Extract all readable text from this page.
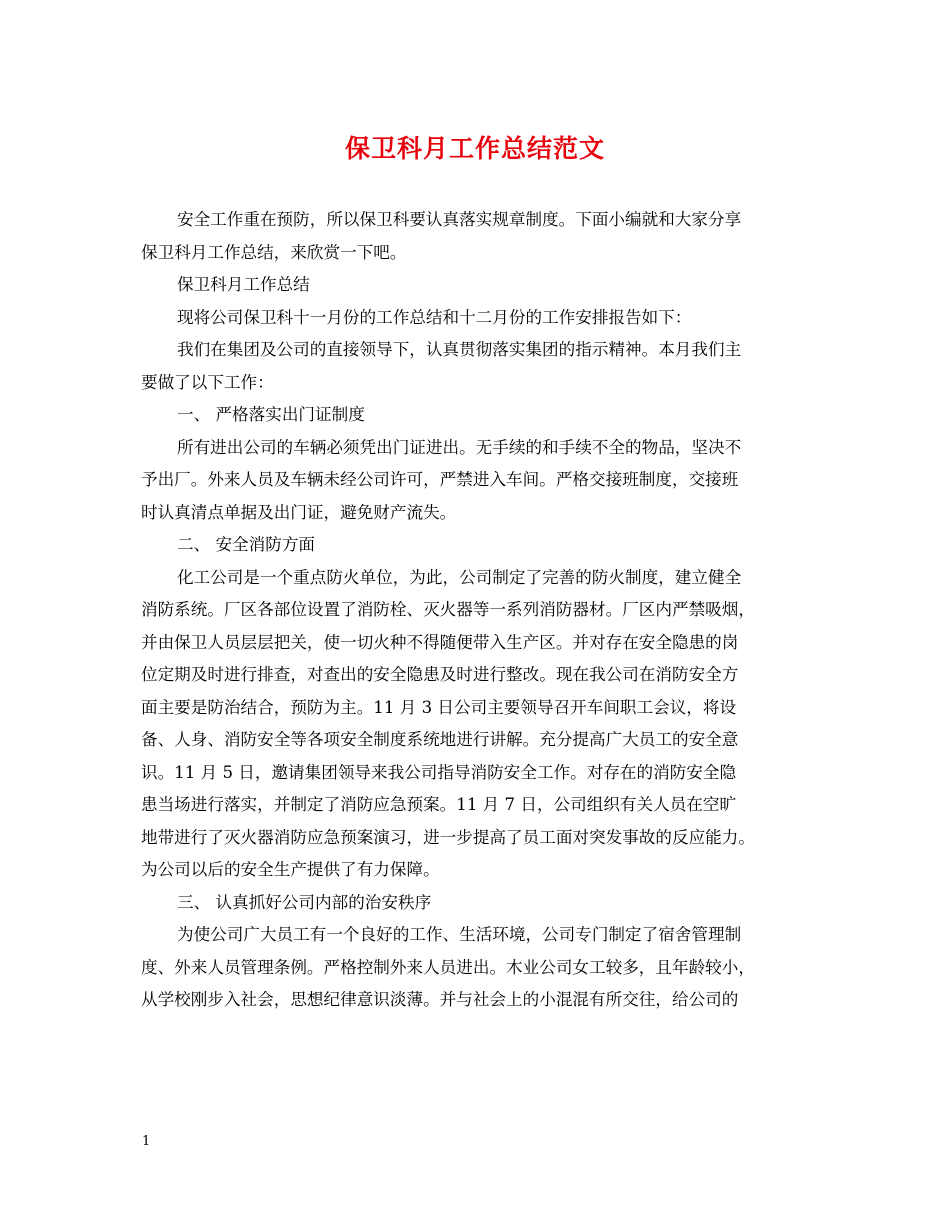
保卫科月工作总结范文
安全工作重在预防，所以保卫科要认真落实规章制度。下面小编就和大家分享
保卫科月工作总结，来欣赏一下吧。
保卫科月工作总结
现将公司保卫科十一月份的工作总结和十二月份的工作安排报告如下：
我们在集团及公司的直接领导下，认真贯彻落实集团的指示精神。本月我们主
要做了以下工作：
一、 严格落实出门证制度
所有进出公司的车辆必须凭出门证进出。无手续的和手续不全的物品，坚决不
予出厂。外来人员及车辆未经公司许可，严禁进入车间。严格交接班制度，交接班
时认真清点单据及出门证，避免财产流失。
二、 安全消防方面
化工公司是一个重点防火单位，为此，公司制定了完善的防火制度，建立健全
消防系统。厂区各部位设置了消防栓、灭火器等一系列消防器材。厂区内严禁吸烟，
并由保卫人员层层把关，使一切火种不得随便带入生产区。并对存在安全隐患的岗
位定期及时进行排查，对查出的安全隐患及时进行整改。现在我公司在消防安全方
面主要是防治结合，预防为主。11 月 3 日公司主要领导召开车间职工会议，将设
备、人身、消防安全等各项安全制度系统地进行讲解。充分提高广大员工的安全意
识。11 月 5 日，邀请集团领导来我公司指导消防安全工作。对存在的消防安全隐
患当场进行落实，并制定了消防应急预案。11 月 7 日，公司组织有关人员在空旷
地带进行了灭火器消防应急预案演习，进一步提高了员工面对突发事故的反应能力。
为公司以后的安全生产提供了有力保障。
三、 认真抓好公司内部的治安秩序
为使公司广大员工有一个良好的工作、生活环境，公司专门制定了宿舍管理制
度、外来人员管理条例。严格控制外来人员进出。木业公司女工较多，且年龄较小，
从学校刚步入社会，思想纪律意识淡薄。并与社会上的小混混有所交往，给公司的
1
